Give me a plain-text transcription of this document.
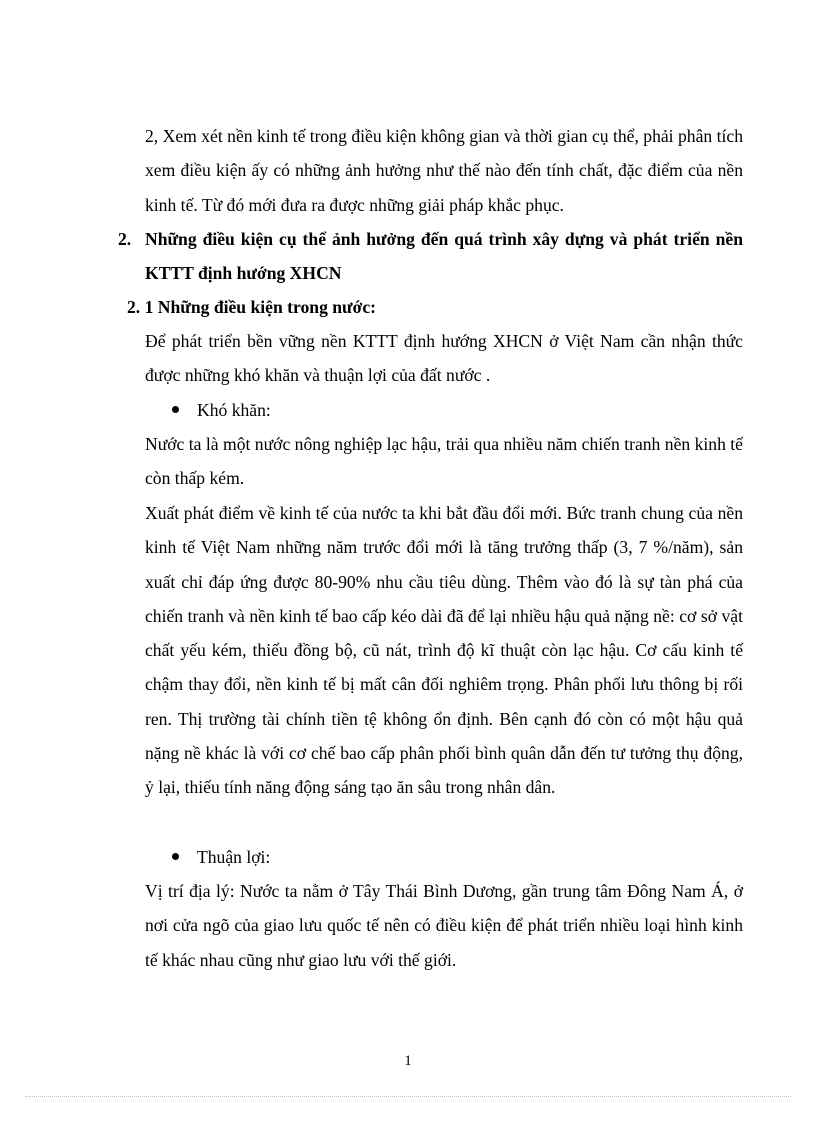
2, Xem xét nền kinh tế trong điều kiện không gian và thời gian cụ thể, phải phân tích xem điều kiện ấy có những ảnh hưởng như thế nào đến tính chất, đặc điểm của nền kinh tế. Từ đó mới đưa ra được những giải pháp khắc phục.

2. Những điều kiện cụ thể ảnh hưởng đến quá trình xây dựng và phát triển nền KTTT định hướng XHCN

2. 1 Những điều kiện trong nước:

Để phát triển bền vững nền KTTT định hướng XHCN ở Việt Nam cần nhận thức được những khó khăn và thuận lợi của đất nước .

Khó khăn:

Nước ta là một nước nông nghiệp lạc hậu, trải qua nhiều năm chiến tranh nền kinh tế còn thấp kém.

Xuất phát điểm về kinh tế của nước ta khi bắt đầu đổi mới. Bức tranh chung của nền kinh tế Việt Nam những năm trước đổi mới là tăng trưởng thấp (3, 7 %/năm), sản xuất chỉ đáp ứng được 80-90% nhu cầu tiêu dùng. Thêm vào đó là sự tàn phá của chiến tranh và nền kinh tế bao cấp kéo dài đã để lại nhiều hậu quả nặng nề: cơ sở vật chất yếu kém, thiếu đồng bộ, cũ nát, trình độ kĩ thuật còn lạc hậu. Cơ cấu kinh tế chậm thay đổi, nền kinh tế bị mất cân đối nghiêm trọng. Phân phối lưu thông bị rối ren. Thị trường tài chính tiền tệ không ổn định. Bên cạnh đó còn có một hậu quả nặng nề khác là với cơ chế bao cấp phân phối bình quân dẫn đến tư tưởng thụ động, ỷ lại, thiếu tính năng động sáng tạo ăn sâu trong nhân dân.

Thuận lợi:

Vị trí địa lý: Nước ta nằm ở Tây Thái Bình Dương, gần trung tâm Đông Nam Á, ở nơi cửa ngõ của giao lưu quốc tế nên có điều kiện để phát triển nhiều loại hình kinh tế khác nhau cũng như giao lưu với thế giới.

1
